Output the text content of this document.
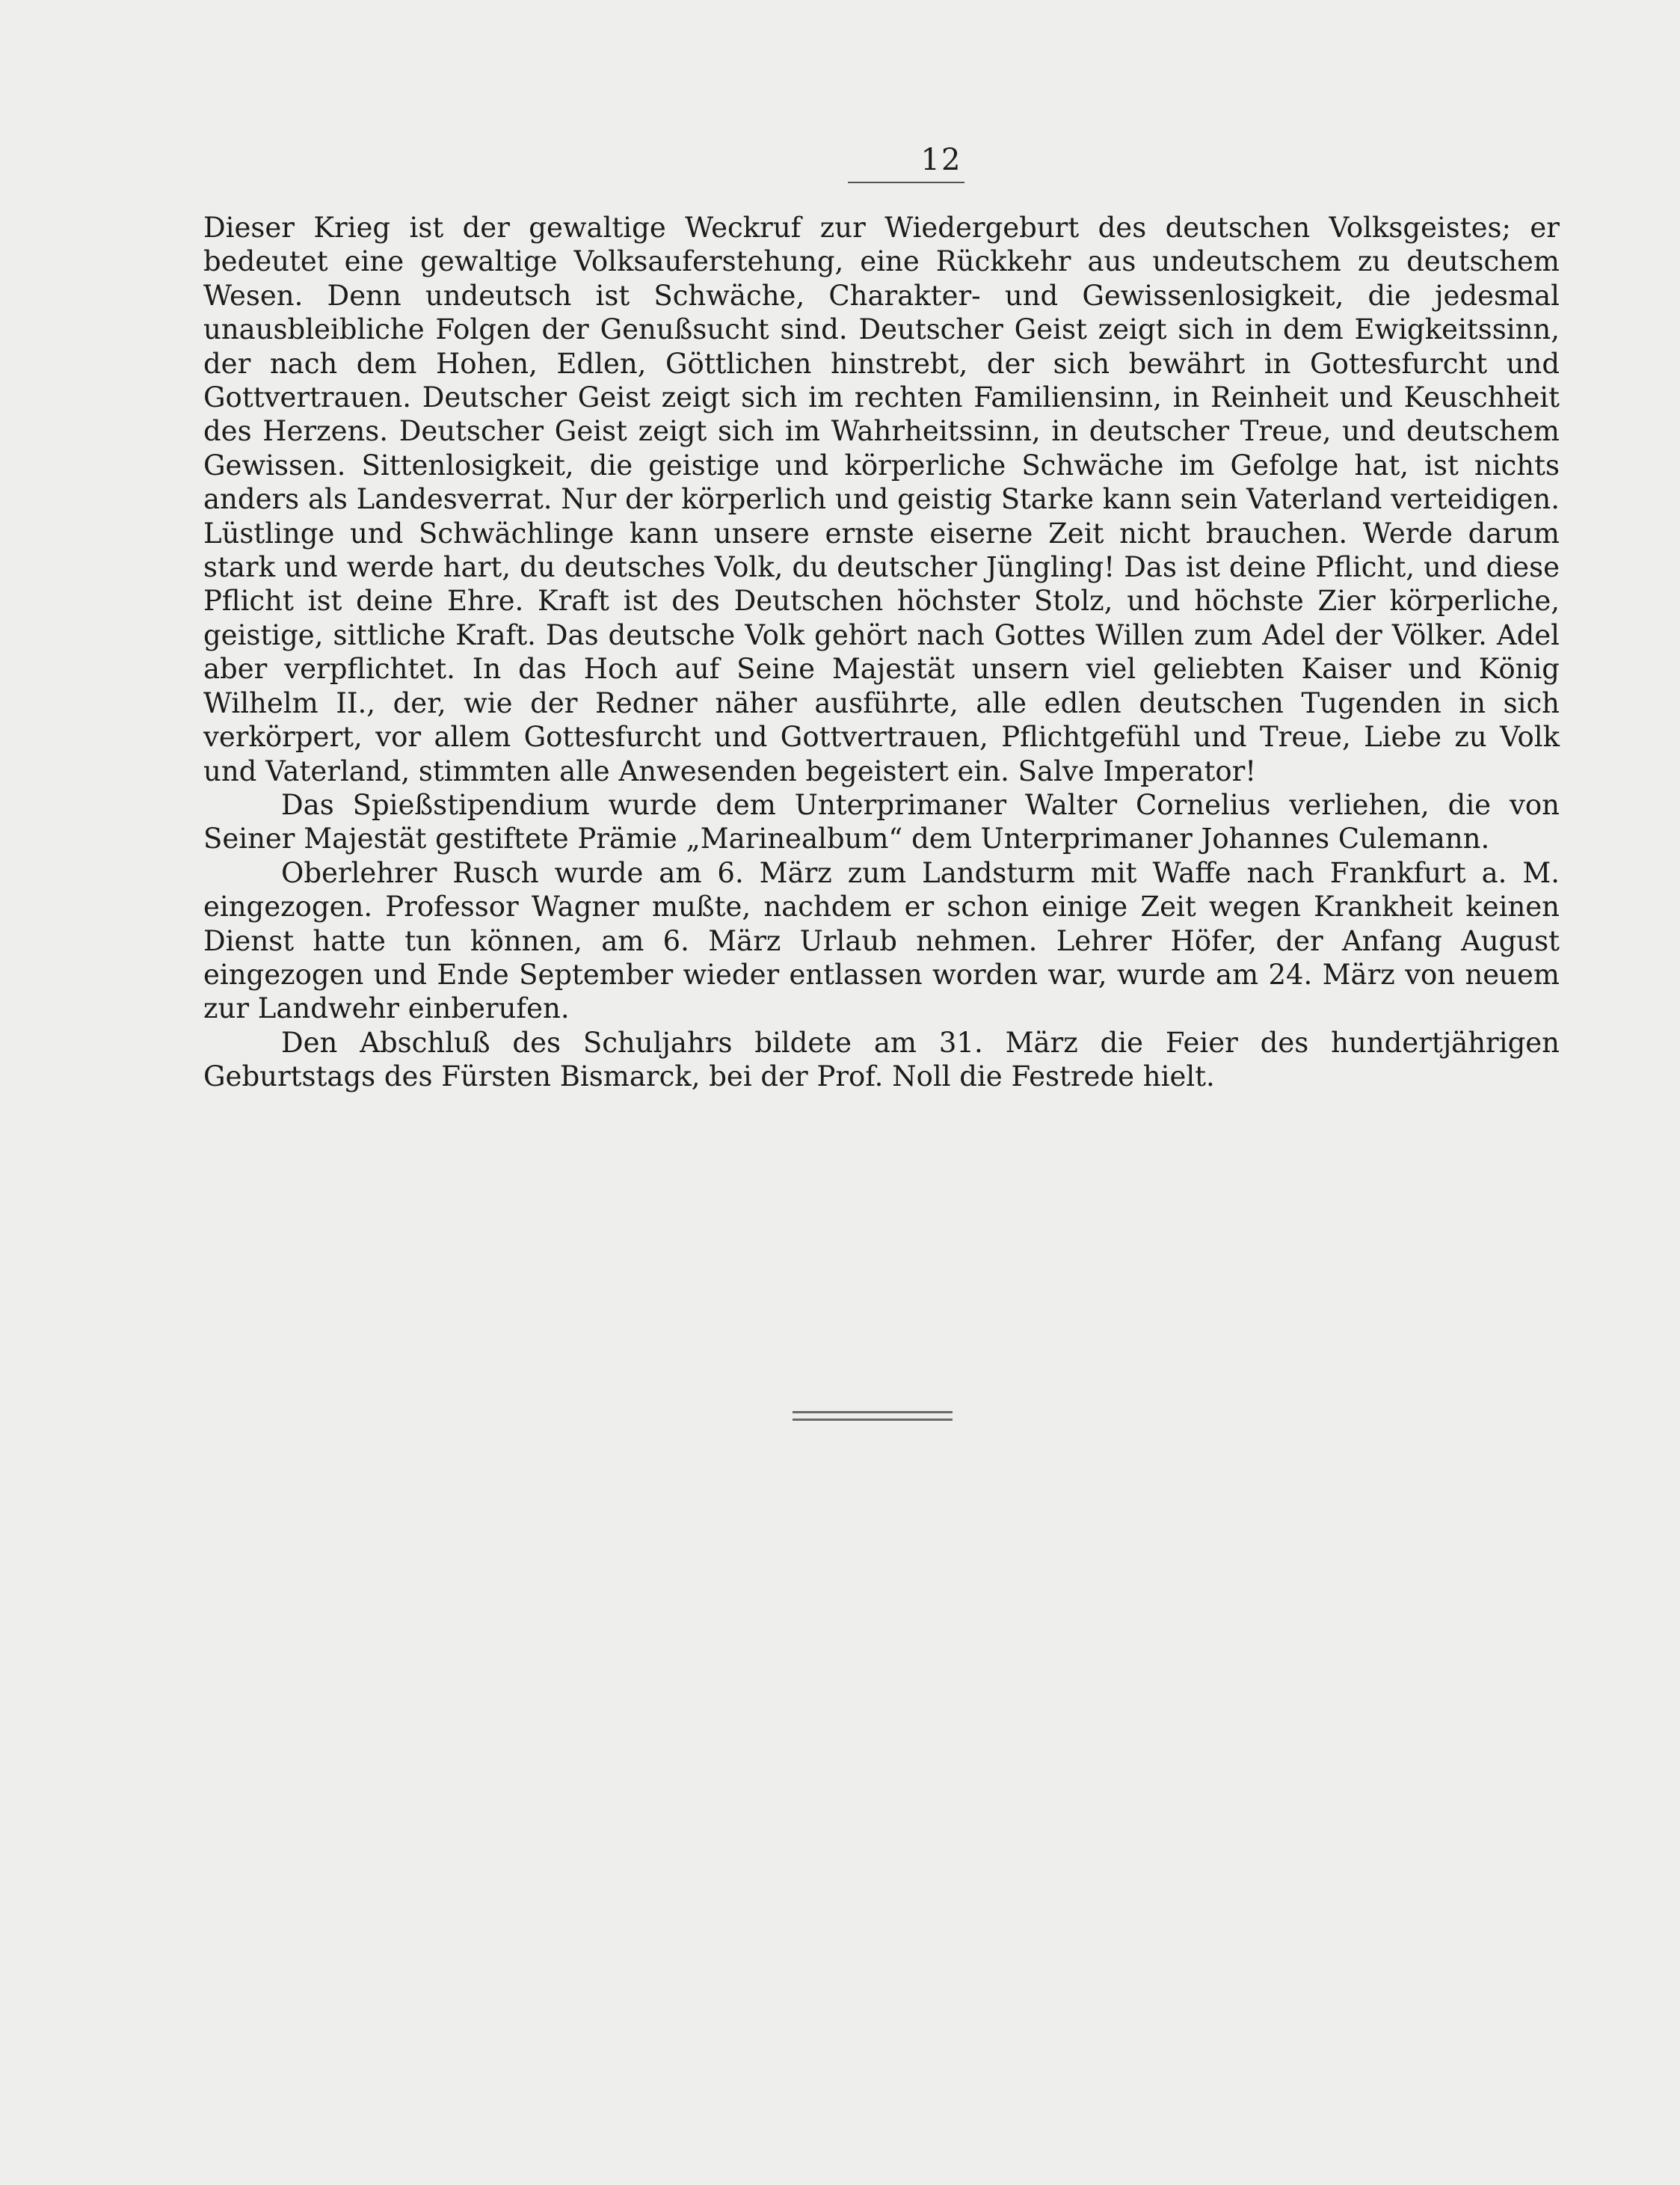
12

Dieser Krieg ist der gewaltige Weckruf zur Wiedergeburt des deutschen Volksgeistes; er bedeutet eine gewaltige Volksauferstehung, eine Rückkehr aus undeutschem zu deutschem Wesen. Denn undeutsch ist Schwäche, Charakter- und Gewissenlosigkeit, die jedesmal unausbleibliche Folgen der Genußsucht sind. Deutscher Geist zeigt sich in dem Ewigkeitssinn, der nach dem Hohen, Edlen, Göttlichen hinstrebt, der sich bewährt in Gottesfurcht und Gottvertrauen. Deutscher Geist zeigt sich im rechten Familiensinn, in Reinheit und Keuschheit des Herzens. Deutscher Geist zeigt sich im Wahrheitssinn, in deutscher Treue, und deutschem Gewissen. Sittenlosigkeit, die geistige und körperliche Schwäche im Gefolge hat, ist nichts anders als Landesverrat. Nur der körperlich und geistig Starke kann sein Vaterland verteidigen. Lüstlinge und Schwächlinge kann unsere ernste eiserne Zeit nicht brauchen. Werde darum stark und werde hart, du deutsches Volk, du deutscher Jüngling! Das ist deine Pflicht, und diese Pflicht ist deine Ehre. Kraft ist des Deutschen höchster Stolz, und höchste Zier körperliche, geistige, sittliche Kraft. Das deutsche Volk gehört nach Gottes Willen zum Adel der Völker. Adel aber verpflichtet. In das Hoch auf Seine Majestät unsern viel geliebten Kaiser und König Wilhelm II., der, wie der Redner näher ausführte, alle edlen deutschen Tugenden in sich verkörpert, vor allem Gottesfurcht und Gottvertrauen, Pflichtgefühl und Treue, Liebe zu Volk und Vaterland, stimmten alle Anwesenden begeistert ein. Salve Imperator!

Das Spießstipendium wurde dem Unterprimaner Walter Cornelius verliehen, die von Seiner Majestät gestiftete Prämie „Marinealbum“ dem Unterprimaner Johannes Culemann.

Oberlehrer Rusch wurde am 6. März zum Landsturm mit Waffe nach Frankfurt a. M. eingezogen. Professor Wagner mußte, nachdem er schon einige Zeit wegen Krankheit keinen Dienst hatte tun können, am 6. März Urlaub nehmen. Lehrer Höfer, der Anfang August eingezogen und Ende September wieder entlassen worden war, wurde am 24. März von neuem zur Landwehr einberufen.

Den Abschluß des Schuljahrs bildete am 31. März die Feier des hundertjährigen Geburtstags des Fürsten Bismarck, bei der Prof. Noll die Festrede hielt.
